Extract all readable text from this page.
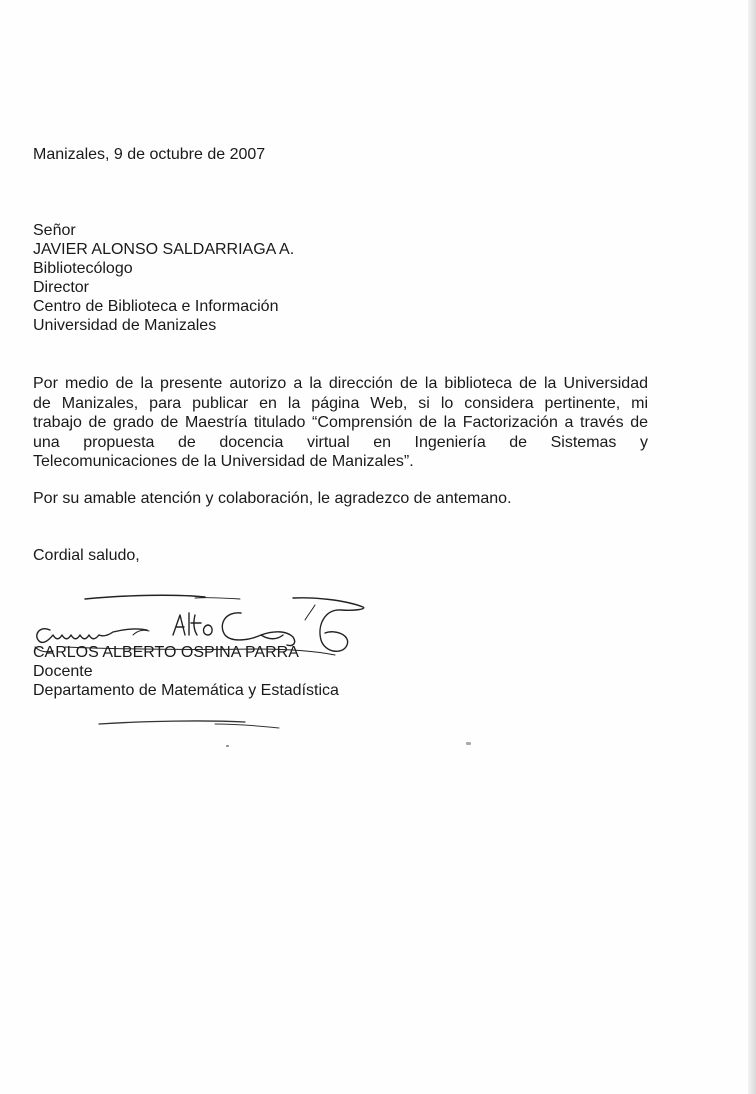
Manizales, 9 de octubre de 2007
Señor
JAVIER ALONSO SALDARRIAGA A.
Bibliotecólogo
Director
Centro de Biblioteca e Información
Universidad de Manizales
Por medio de la presente autorizo a la dirección de la biblioteca de la Universidad
de Manizales, para publicar en la página Web, si lo considera pertinente, mi
trabajo de grado de Maestría titulado “Comprensión de la Factorización a través de
una propuesta de docencia virtual en Ingeniería de Sistemas y
Telecomunicaciones de la Universidad de Manizales”.
Por su amable atención y colaboración, le agradezco de antemano.
Cordial saludo,
CARLOS ALBERTO OSPINA PARRA
Docente
Departamento de Matemática y Estadística
